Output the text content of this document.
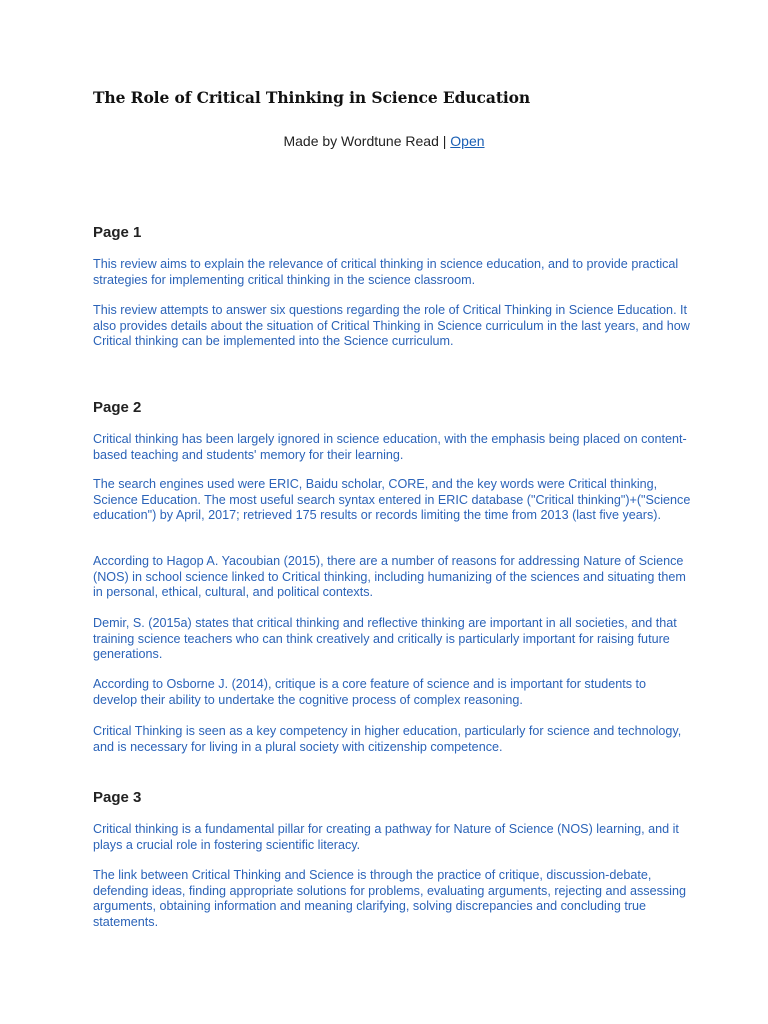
The Role of Critical Thinking in Science Education
Made by Wordtune Read | Open
Page 1

This review aims to explain the relevance of critical thinking in science education, and to provide practical strategies for implementing critical thinking in the science classroom.

This review attempts to answer six questions regarding the role of Critical Thinking in Science Education. It also provides details about the situation of Critical Thinking in Science curriculum in the last years, and how Critical thinking can be implemented into the Science curriculum.

Page 2

Critical thinking has been largely ignored in science education, with the emphasis being placed on content-based teaching and students' memory for their learning.

The search engines used were ERIC, Baidu scholar, CORE, and the key words were Critical thinking, Science Education. The most useful search syntax entered in ERIC database ("Critical thinking")+("Science education") by April, 2017; retrieved 175 results or records limiting the time from 2013 (last five years).

According to Hagop A. Yacoubian (2015), there are a number of reasons for addressing Nature of Science (NOS) in school science linked to Critical thinking, including humanizing of the sciences and situating them in personal, ethical, cultural, and political contexts.

Demir, S. (2015a) states that critical thinking and reflective thinking are important in all societies, and that training science teachers who can think creatively and critically is particularly important for raising future generations.

According to Osborne J. (2014), critique is a core feature of science and is important for students to develop their ability to undertake the cognitive process of complex reasoning.

Critical Thinking is seen as a key competency in higher education, particularly for science and technology, and is necessary for living in a plural society with citizenship competence.

Page 3

Critical thinking is a fundamental pillar for creating a pathway for Nature of Science (NOS) learning, and it plays a crucial role in fostering scientific literacy.

The link between Critical Thinking and Science is through the practice of critique, discussion-debate, defending ideas, finding appropriate solutions for problems, evaluating arguments, rejecting and assessing arguments, obtaining information and meaning clarifying, solving discrepancies and concluding true statements.
